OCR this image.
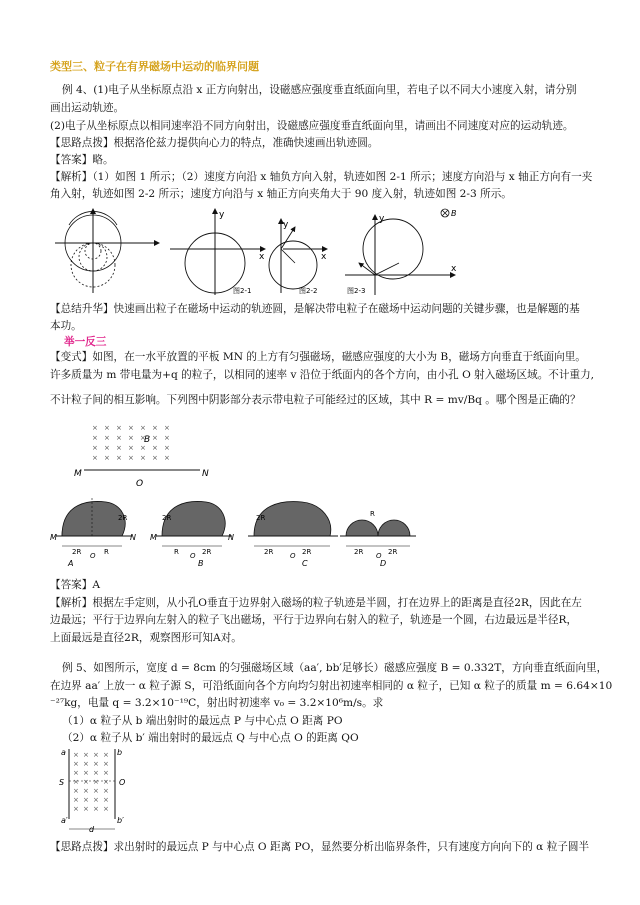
类型三、粒子在有界磁场中运动的临界问题
例 4、(1)电子从坐标原点沿 x 正方向射出，设磁感应强度垂直纸面向里，若电子以不同大小速度入射，请分别
画出运动轨迹。
(2)电子从坐标原点以相同速率沿不同方向射出，设磁感应强度垂直纸面向里，请画出不同速度对应的运动轨迹。
【思路点拨】根据洛伦兹力提供向心力的特点，准确快速画出轨迹圆。
【答案】略。
【解析】（1）如图 1 所示；（2）速度方向沿 x 轴负方向入射，轨迹如图 2-1 所示；速度方向沿与 x 轴正方向有一夹
角入射，轨迹如图 2-2 所示；速度方向沿与 x 轴正方向夹角大于 90 度入射，轨迹如图 2-3 所示。
y
x
图2-1
x
y
图2-2
y
x
B
图2-3
【总结升华】快速画出粒子在磁场中运动的轨迹圆，是解决带电粒子在磁场中运动问题的关键步骤，也是解题的基
本功。
举一反三
【变式】如图，在一水平放置的平板 MN 的上方有匀强磁场，磁感应强度的大小为 B，磁场方向垂直于纸面向里。
许多质量为 m 带电量为+q 的粒子，以相同的速率 v 沿位于纸面内的各个方向，由小孔 O 射入磁场区域。不计重力,
不计粒子间的相互影响。下列图中阴影部分表示带电粒子可能经过的区域，其中 R = mv/Bq 。哪个图是正确的？
× × × × × × ×
× × × × × × ×
× × × × × × ×
× × × × × × ×
B
M	N
O
M	N
2R
2R	R
O
A
M	N
2R
R	2R
O
B
2R
2R	2R
O
C
R
2R	2R
O
D
【答案】A
【解析】根据左手定则，从小孔O垂直于边界射入磁场的粒子轨迹是半圆，打在边界上的距离是直径2R，因此在左
边最远；平行于边界向左射入的粒子飞出磁场，平行于边界向右射入的粒子，轨迹是一个圆，右边最远是半径R，
上面最远是直径2R，观察图形可知A对。
例 5、如图所示，宽度 d = 8cm 的匀强磁场区域（aa′, bb′足够长）磁感应强度 B = 0.332T，方向垂直纸面向里，
在边界 aa′ 上放一 α 粒子源 S，可沿纸面向各个方向均匀射出初速率相同的 α 粒子，已知 α 粒子的质量 m = 6.64×10
⁻²⁷kg，电量 q = 3.2×10⁻¹⁹C，射出时初速率 v₀ = 3.2×10⁶m/s。求
（1）α 粒子从 b 端出射时的最远点 P 与中心点 O 距离 PO
（2）α 粒子从 b′ 端出射时的最远点 Q 与中心点 O 的距离 QO
a	b
× × × ×
× × × ×
× × × ×
× × × ×
× × × ×
× × × ×
× × × ×
S	O
a′	b′
d
【思路点拨】求出射时的最远点 P 与中心点 O 距离 PO，显然要分析出临界条件，只有速度方向向下的 α 粒子圆半
